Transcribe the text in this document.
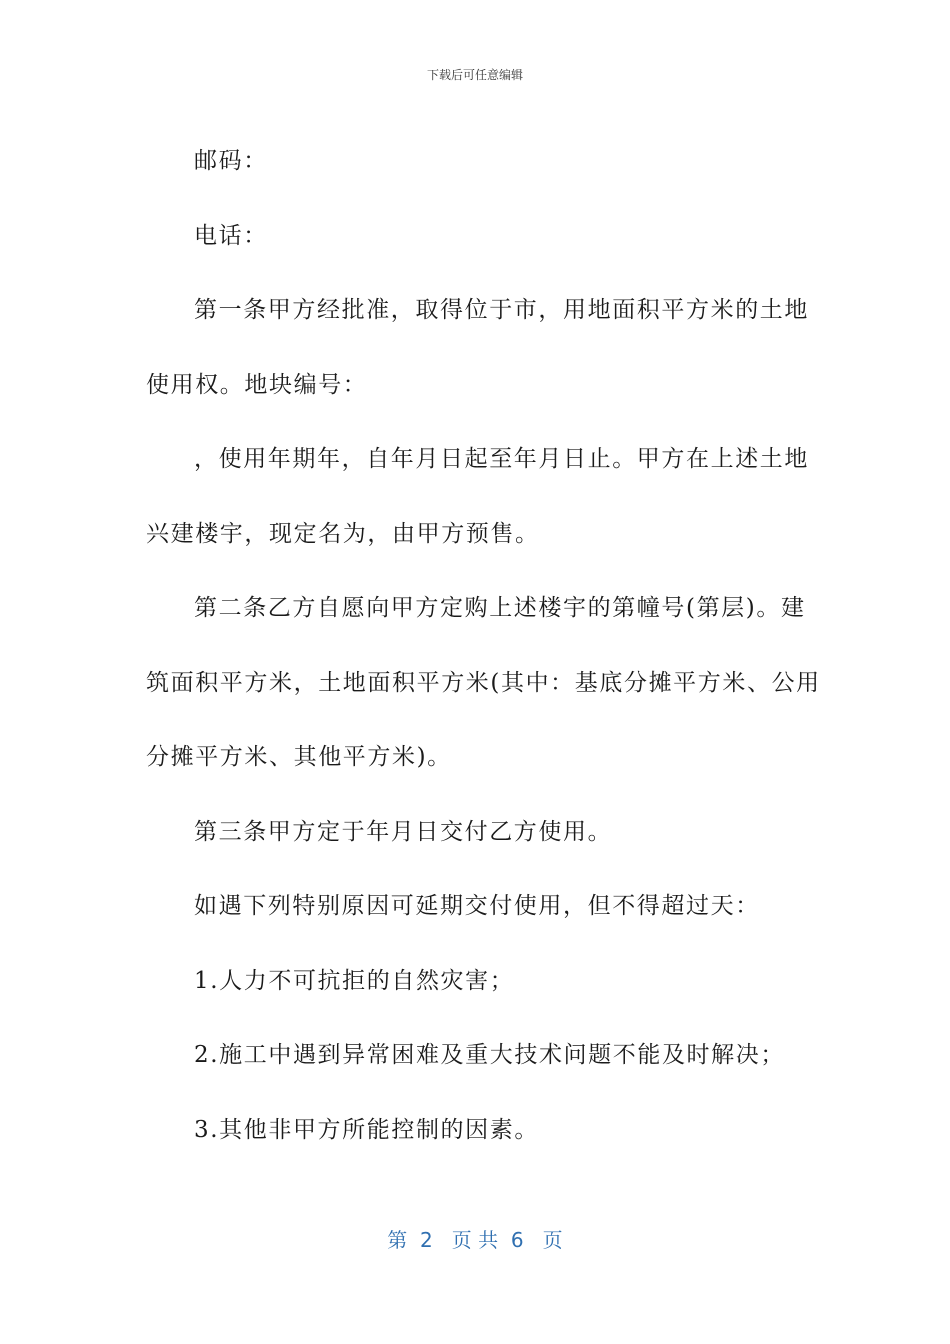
下载后可任意编辑
邮码：
电话：
第一条甲方经批准，取得位于市，用地面积平方米的土地
使用权。地块编号：
，使用年期年，自年月日起至年月日止。甲方在上述土地
兴建楼宇，现定名为，由甲方预售。
第二条乙方自愿向甲方定购上述楼宇的第幢号(第层)。建
筑面积平方米，土地面积平方米(其中：基底分摊平方米、公用
分摊平方米、其他平方米)。
第三条甲方定于年月日交付乙方使用。
如遇下列特别原因可延期交付使用，但不得超过天：
1.人力不可抗拒的自然灾害；
2.施工中遇到异常困难及重大技术问题不能及时解决；
3.其他非甲方所能控制的因素。
第  2   页 共  6   页
